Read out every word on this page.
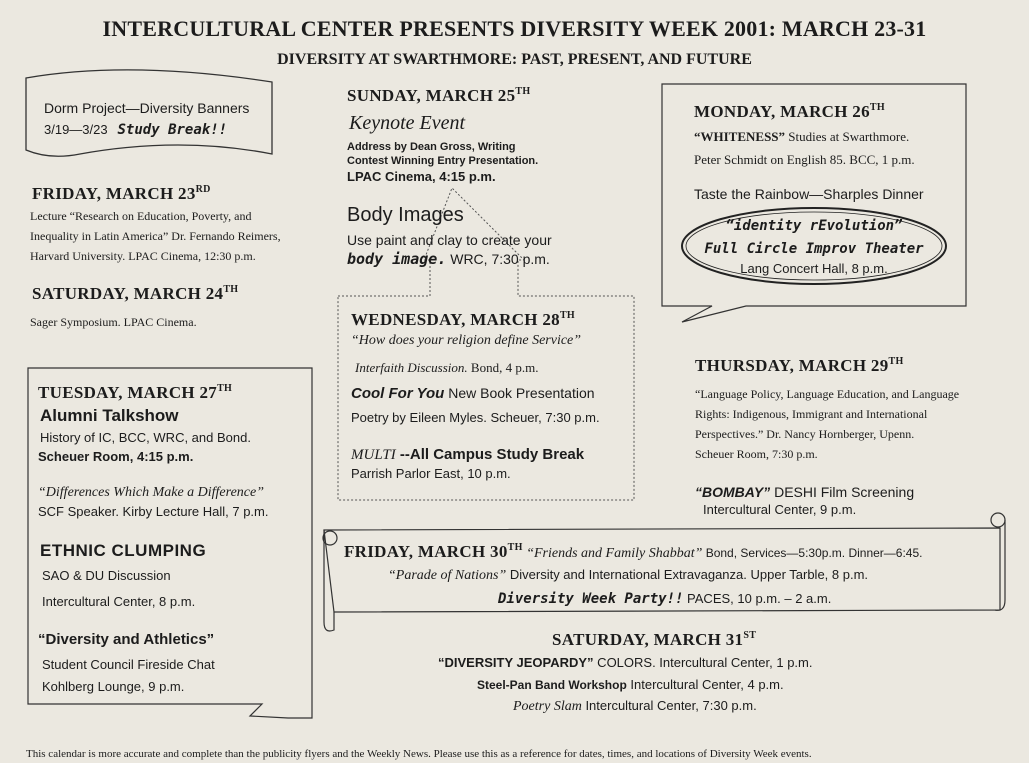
INTERCULTURAL CENTER PRESENTS DIVERSITY WEEK 2001: MARCH 23-31
DIVERSITY AT SWARTHMORE: PAST, PRESENT, AND FUTURE
Dorm Project—Diversity Banners
3/19—3/23 Study Break!!
FRIDAY, MARCH 23RD
Lecture “Research on Education, Poverty, and
Inequality in Latin America” Dr. Fernando Reimers,
Harvard University. LPAC Cinema, 12:30 p.m.
SATURDAY, MARCH 24TH
Sager Symposium. LPAC Cinema.
TUESDAY, MARCH 27TH
Alumni Talkshow
History of IC, BCC, WRC, and Bond.
Scheuer Room, 4:15 p.m.
“Differences Which Make a Difference”
SCF Speaker. Kirby Lecture Hall, 7 p.m.
ETHNIC CLUMPING
SAO & DU Discussion
Intercultural Center, 8 p.m.
“Diversity and Athletics”
Student Council Fireside Chat
Kohlberg Lounge, 9 p.m.
SUNDAY, MARCH 25TH
Keynote Event
Address by Dean Gross, Writing
Contest Winning Entry Presentation.
LPAC Cinema, 4:15 p.m.
Body Images
Use paint and clay to create your
body image. WRC, 7:30 p.m.
WEDNESDAY, MARCH 28TH
“How does your religion define Service”
Interfaith Discussion. Bond, 4 p.m.
Cool For You New Book Presentation
Poetry by Eileen Myles. Scheuer, 7:30 p.m.
MULTI --All Campus Study Break
Parrish Parlor East, 10 p.m.
MONDAY, MARCH 26TH
“WHITENESS” Studies at Swarthmore.
Peter Schmidt on English 85. BCC, 1 p.m.
Taste the Rainbow—Sharples Dinner
“identity rEvolution”
Full Circle Improv Theater
Lang Concert Hall, 8 p.m.
THURSDAY, MARCH 29TH
“Language Policy, Language Education, and Language
Rights: Indigenous, Immigrant and International
Perspectives.” Dr. Nancy Hornberger, Upenn.
Scheuer Room, 7:30 p.m.
“BOMBAY” DESHI Film Screening
Intercultural Center, 9 p.m.
FRIDAY, MARCH 30TH “Friends and Family Shabbat” Bond, Services—5:30p.m. Dinner—6:45.
“Parade of Nations” Diversity and International Extravaganza. Upper Tarble, 8 p.m.
Diversity Week Party!! PACES, 10 p.m. – 2 a.m.
SATURDAY, MARCH 31ST
“DIVERSITY JEOPARDY” COLORS. Intercultural Center, 1 p.m.
Steel-Pan Band Workshop Intercultural Center, 4 p.m.
Poetry Slam Intercultural Center, 7:30 p.m.
This calendar is more accurate and complete than the publicity flyers and the Weekly News. Please use this as a reference for dates, times, and locations of Diversity Week events.
